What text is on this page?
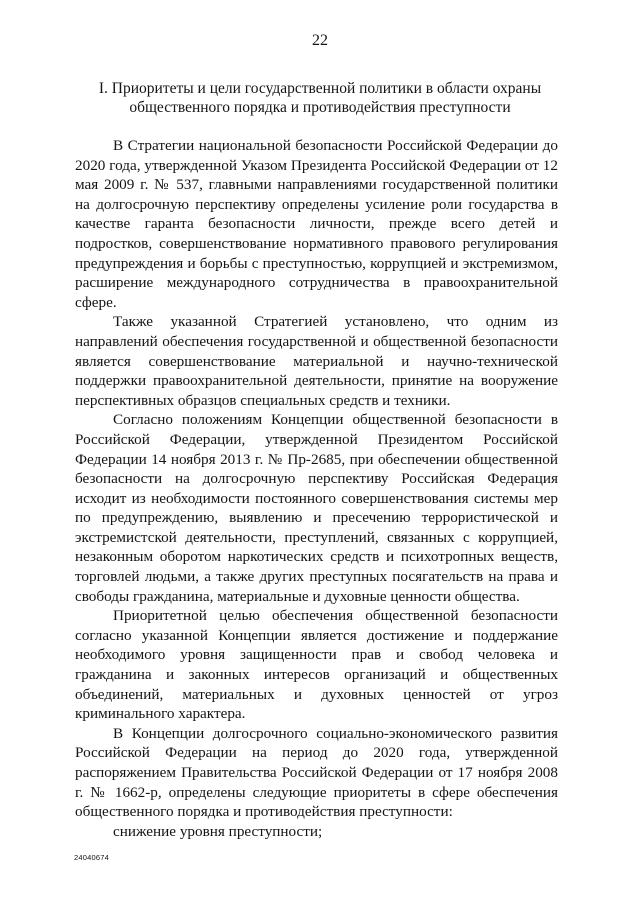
22
I. Приоритеты и цели государственной политики в области охраны общественного порядка и противодействия преступности

В Стратегии национальной безопасности Российской Федерации до 2020 года, утвержденной Указом Президента Российской Федерации от 12 мая 2009 г. № 537, главными направлениями государственной политики на долгосрочную перспективу определены усиление роли государства в качестве гаранта безопасности личности, прежде всего детей и подростков, совершенствование нормативного правового регулирования предупреждения и борьбы с преступностью, коррупцией и экстремизмом, расширение международного сотрудничества в правоохранительной сфере.

Также указанной Стратегией установлено, что одним из направлений обеспечения государственной и общественной безопасности является совершенствование материальной и научно-технической поддержки правоохранительной деятельности, принятие на вооружение перспективных образцов специальных средств и техники.

Согласно положениям Концепции общественной безопасности в Российской Федерации, утвержденной Президентом Российской Федерации 14 ноября 2013 г. № Пр-2685, при обеспечении общественной безопасности на долгосрочную перспективу Российская Федерация исходит из необходимости постоянного совершенствования системы мер по предупреждению, выявлению и пресечению террористической и экстремистской деятельности, преступлений, связанных с коррупцией, незаконным оборотом наркотических средств и психотропных веществ, торговлей людьми, а также других преступных посягательств на права и свободы гражданина, материальные и духовные ценности общества.

Приоритетной целью обеспечения общественной безопасности согласно указанной Концепции является достижение и поддержание необходимого уровня защищенности прав и свобод человека и гражданина и законных интересов организаций и общественных объединений, материальных и духовных ценностей от угроз криминального характера.

В Концепции долгосрочного социально-экономического развития Российской Федерации на период до 2020 года, утвержденной распоряжением Правительства Российской Федерации от 17 ноября 2008 г. № 1662-р, определены следующие приоритеты в сфере обеспечения общественного порядка и противодействия преступности:

снижение уровня преступности;

24040674
